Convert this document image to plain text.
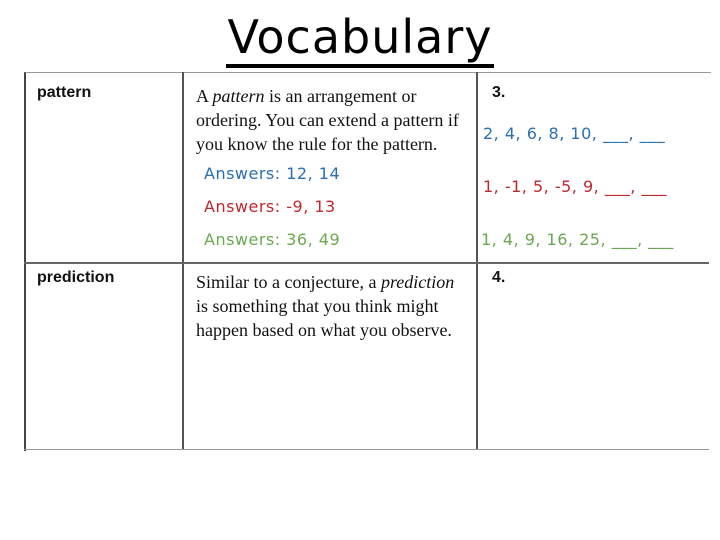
Vocabulary
pattern	A pattern is an arrangement or
ordering. You can extend a pattern if
you know the rule for the pattern.
3.
2, 4, 6, 8, 10, ___, ___
1, -1, 5, -5, 9, ___, ___
1, 4, 9, 16, 25, ___, ___
Answers: 12, 14
Answers: -9, 13
Answers: 36, 49
prediction	Similar to a conjecture, a prediction
is something that you think might
happen based on what you observe.
4.
